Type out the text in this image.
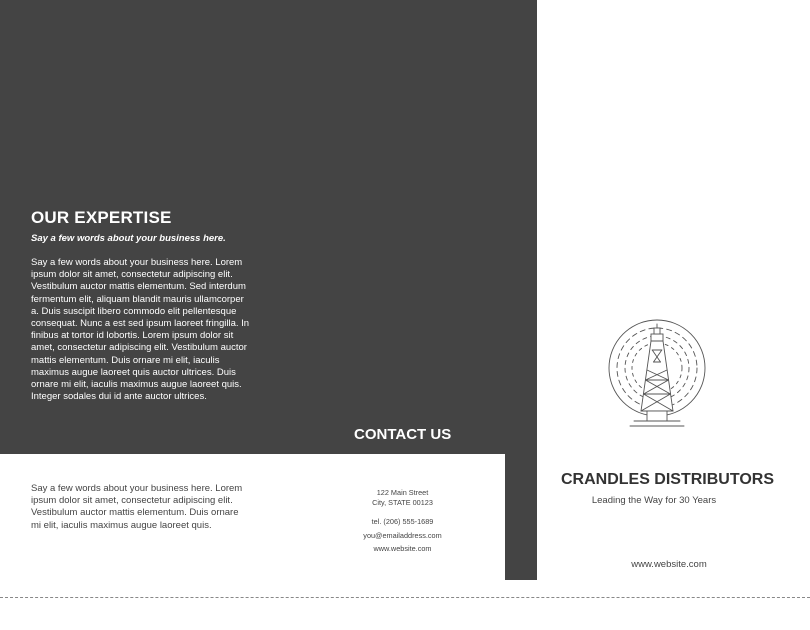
OUR EXPERTISE

Say a few words about your business here.

Say a few words about your business here. Lorem ipsum dolor sit amet, consectetur adipiscing elit. Vestibulum auctor mattis elementum. Sed interdum fermentum elit, aliquam blandit mauris ullamcorper a. Duis suscipit libero commodo elit pellentesque consequat. Nunc a est sed ipsum laoreet fringilla. In finibus at tortor id lobortis. Lorem ipsum dolor sit amet, consectetur adipiscing elit. Vestibulum auctor mattis elementum. Duis ornare mi elit, iaculis maximus augue laoreet quis auctor ultrices. Duis ornare mi elit, iaculis maximus augue laoreet quis. Integer sodales dui id ante auctor ultrices.

CONTACT US

Say a few words about your business here. Lorem ipsum dolor sit amet, consectetur adipiscing elit. Vestibulum auctor mattis elementum. Duis ornare mi elit, iaculis maximus augue laoreet quis.

122 Main Street
City, STATE 00123
tel. (206) 555-1689
you@emailaddress.com
www.website.com
CRANDLES DISTRIBUTORS

Leading the Way for 30 Years

www.website.com
